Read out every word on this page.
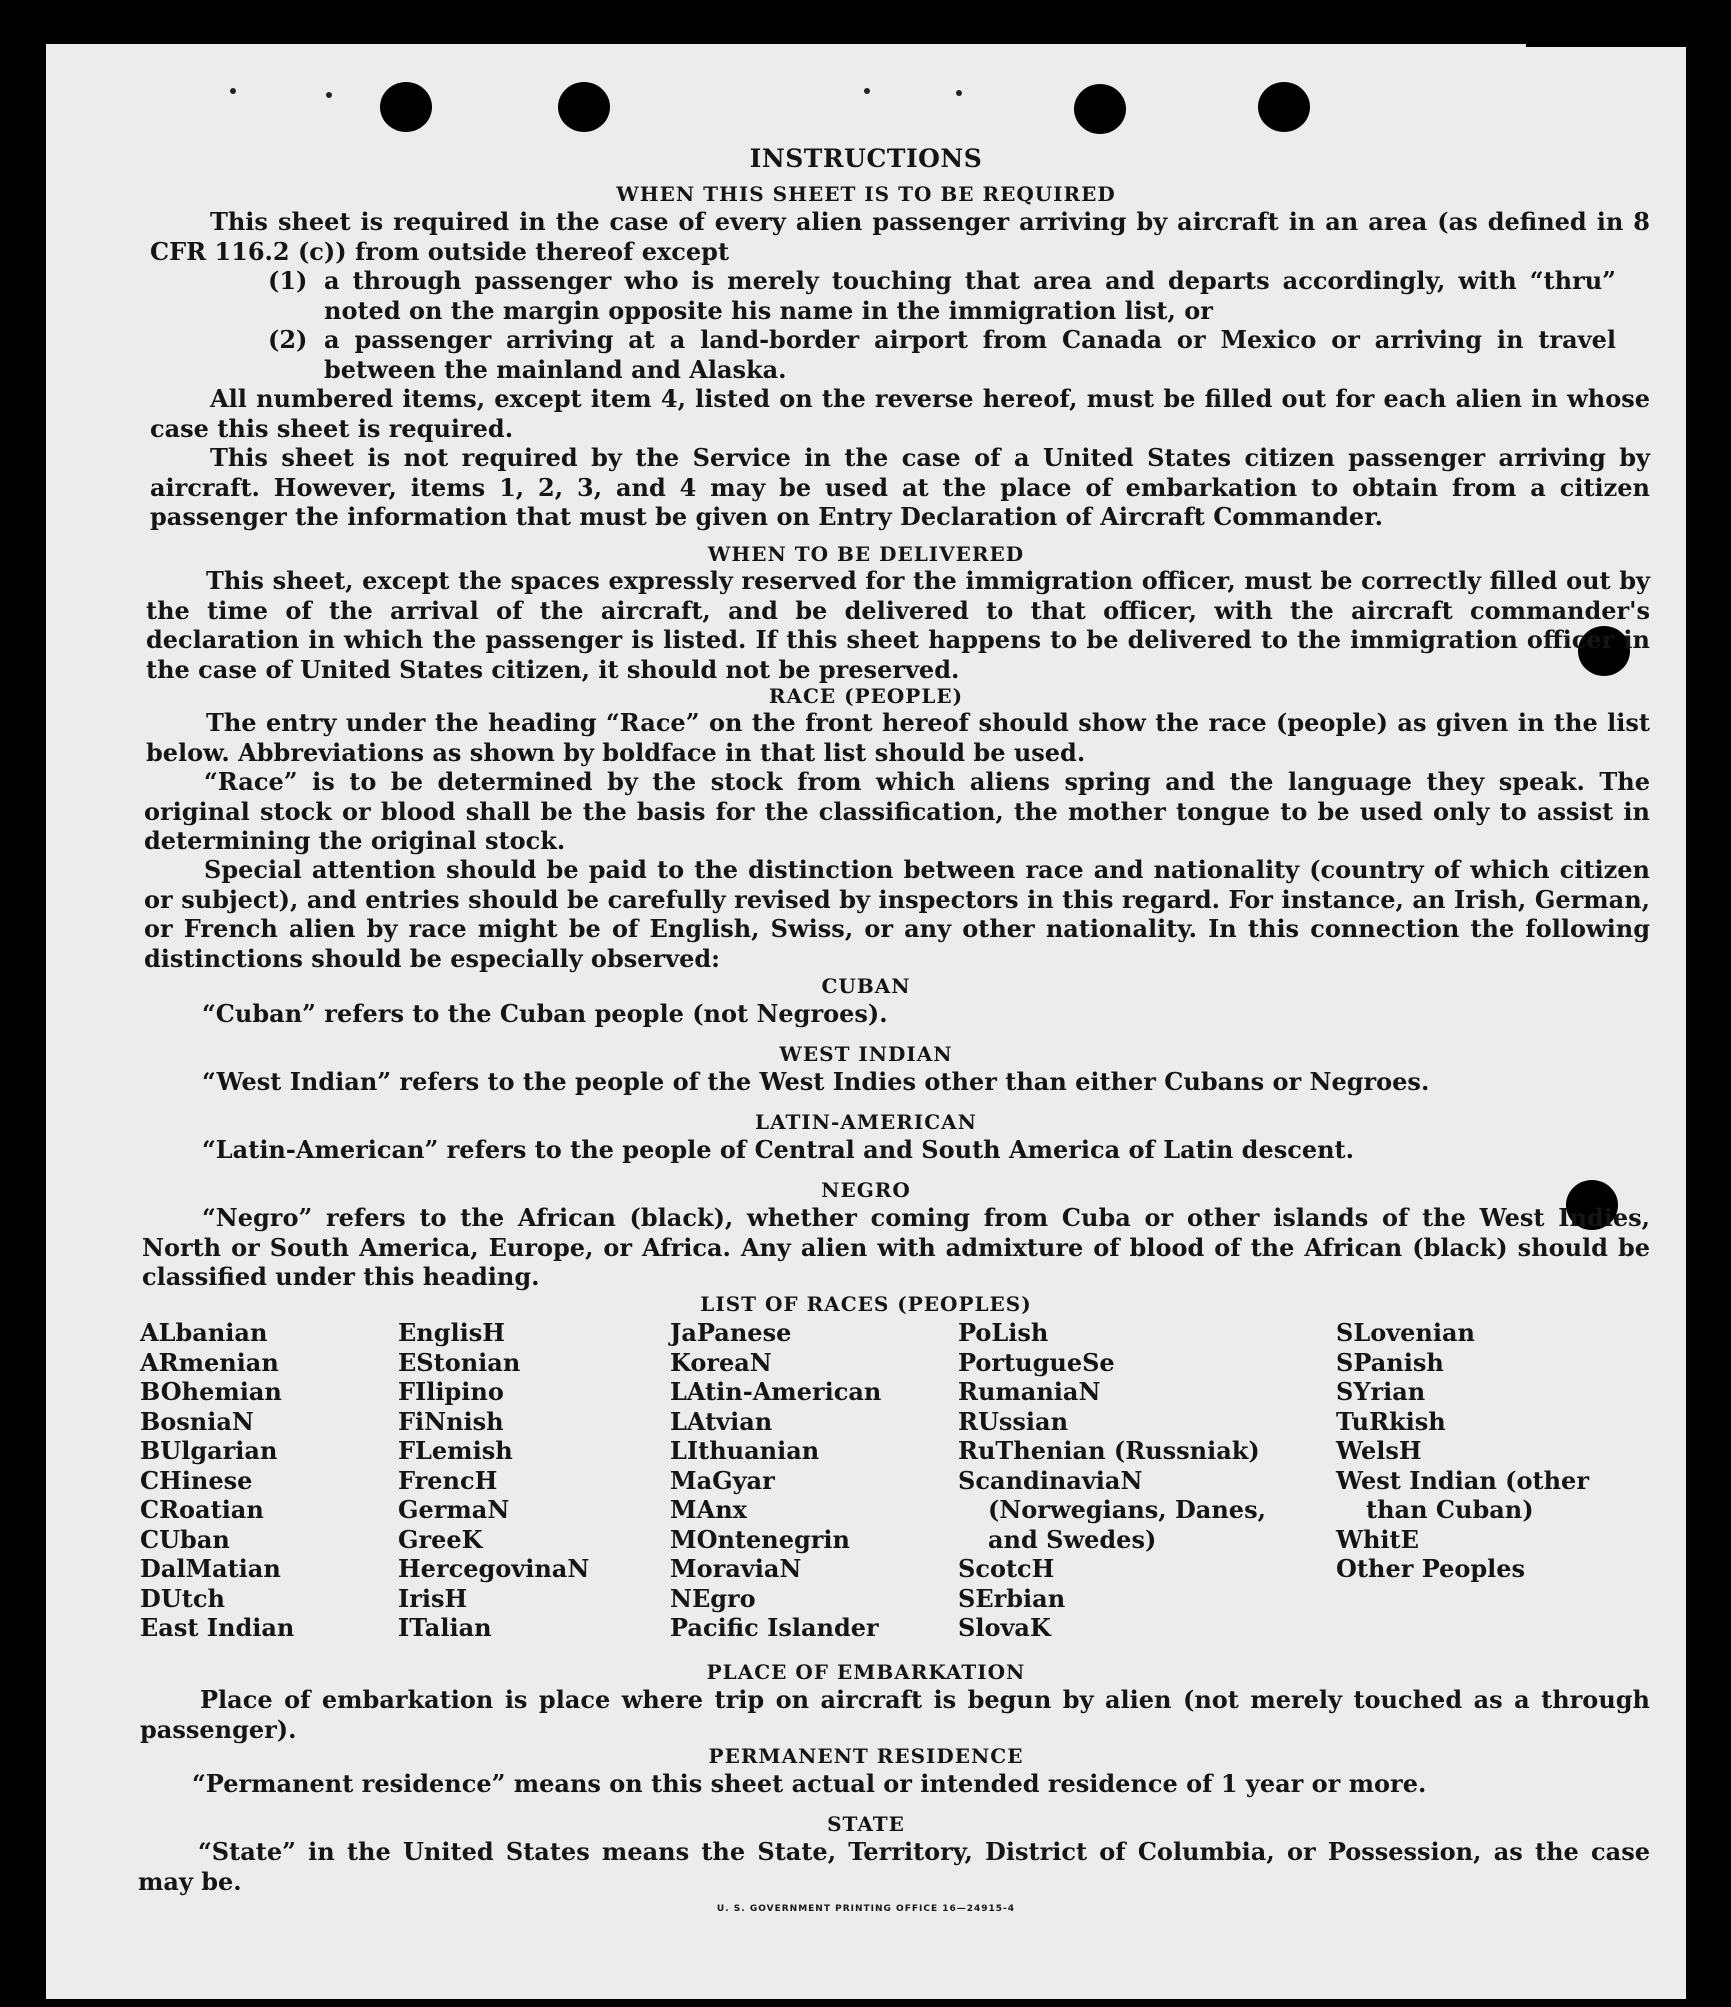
INSTRUCTIONS
WHEN THIS SHEET IS TO BE REQUIRED
This sheet is required in the case of every alien passenger arriving by aircraft in an area (as defined in 8 CFR 116.2 (c)) from outside thereof except
(1) a through passenger who is merely touching that area and departs accordingly, with “thru” noted on the margin opposite his name in the immigration list, or
(2) a passenger arriving at a land-border airport from Canada or Mexico or arriving in travel between the mainland and Alaska.
All numbered items, except item 4, listed on the reverse hereof, must be filled out for each alien in whose case this sheet is required.
This sheet is not required by the Service in the case of a United States citizen passenger arriving by aircraft. However, items 1, 2, 3, and 4 may be used at the place of embarkation to obtain from a citizen passenger the information that must be given on Entry Declaration of Aircraft Commander.
WHEN TO BE DELIVERED
This sheet, except the spaces expressly reserved for the immigration officer, must be correctly filled out by the time of the arrival of the aircraft, and be delivered to that officer, with the aircraft commander's declaration in which the passenger is listed. If this sheet happens to be delivered to the immigration officer in the case of United States citizen, it should not be preserved.
RACE (PEOPLE)
The entry under the heading “Race” on the front hereof should show the race (people) as given in the list below. Abbreviations as shown by boldface in that list should be used.
“Race” is to be determined by the stock from which aliens spring and the language they speak. The original stock or blood shall be the basis for the classification, the mother tongue to be used only to assist in determining the original stock.
Special attention should be paid to the distinction between race and nationality (country of which citizen or subject), and entries should be carefully revised by inspectors in this regard. For instance, an Irish, German, or French alien by race might be of English, Swiss, or any other nationality. In this connection the following distinctions should be especially observed:
CUBAN
“Cuban” refers to the Cuban people (not Negroes).
WEST INDIAN
“West Indian” refers to the people of the West Indies other than either Cubans or Negroes.
LATIN-AMERICAN
“Latin-American” refers to the people of Central and South America of Latin descent.
NEGRO
“Negro” refers to the African (black), whether coming from Cuba or other islands of the West Indies, North or South America, Europe, or Africa. Any alien with admixture of blood of the African (black) should be classified under this heading.
LIST OF RACES (PEOPLES)
ALbanian
ARmenian
BOhemian
BosniaN
BUlgarian
CHinese
CRoatian
CUban
DalMatian
DUtch
East Indian
EnglisH
EStonian
FIlipino
FiNnish
FLemish
FrencH
GermaN
GreeK
HercegovinaN
IrisH
ITalian
JaPanese
KoreaN
LAtin-American
LAtvian
LIthuanian
MaGyar
MAnx
MOntenegrin
MoraviaN
NEgro
Pacific Islander
PoLish
PortugueSe
RumaniaN
RUssian
RuThenian (Russniak)
ScandinaviaN (Norwegians, Danes, and Swedes)
ScotcH
SErbian
SlovaK
SLovenian
SPanish
SYrian
TuRkish
WelsH
West Indian (other than Cuban)
WhitE
Other Peoples
PLACE OF EMBARKATION
Place of embarkation is place where trip on aircraft is begun by alien (not merely touched as a through passenger).
PERMANENT RESIDENCE
“Permanent residence” means on this sheet actual or intended residence of 1 year or more.
STATE
“State” in the United States means the State, Territory, District of Columbia, or Possession, as the case may be.
U. S. GOVERNMENT PRINTING OFFICE 16—24915-4
